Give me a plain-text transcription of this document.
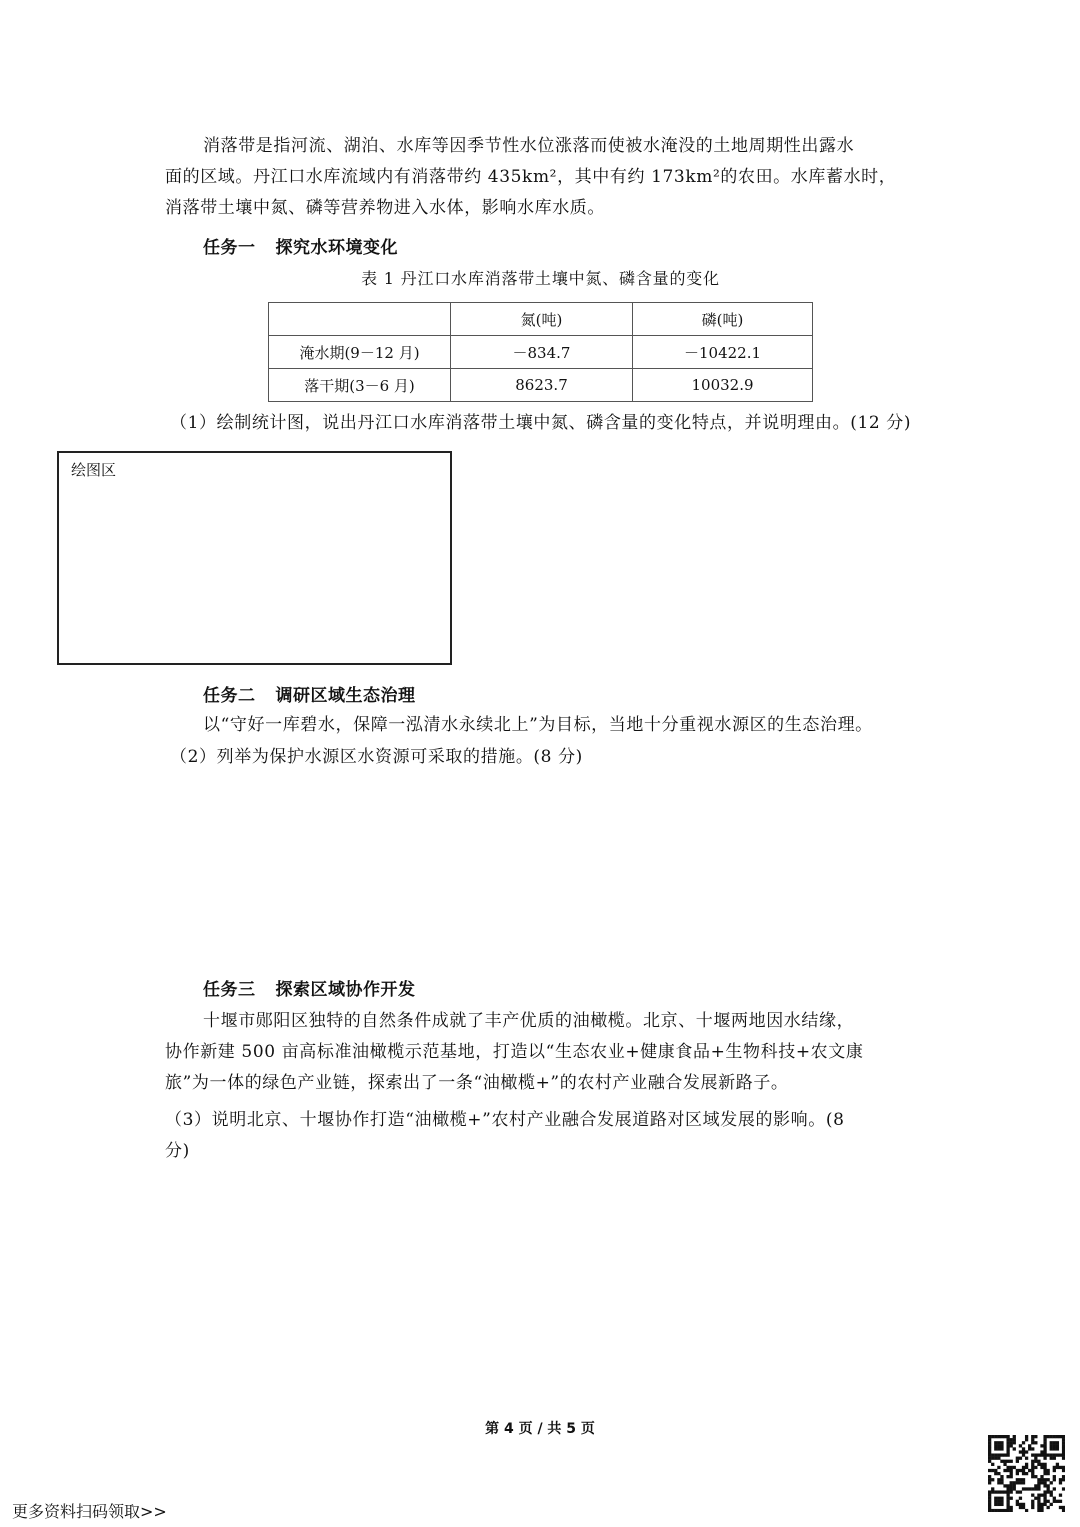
消落带是指河流、湖泊、水库等因季节性水位涨落而使被水淹没的土地周期性出露水
面的区域。丹江口水库流域内有消落带约 435km²，其中有约 173km²的农田。水库蓄水时，
消落带土壤中氮、磷等营养物进入水体，影响水库水质。
任务一 探究水环境变化
表 1 丹江口水库消落带土壤中氮、磷含量的变化
	氮(吨)	磷(吨)
淹水期(9－12 月)	－834.7	－10422.1
落干期(3－6 月)	8623.7	10032.9
（1）绘制统计图，说出丹江口水库消落带土壤中氮、磷含量的变化特点，并说明理由。(12 分)
绘图区
任务二 调研区域生态治理
以“守好一库碧水，保障一泓清水永续北上”为目标，当地十分重视水源区的生态治理。
（2）列举为保护水源区水资源可采取的措施。(8 分)
任务三 探索区域协作开发
十堰市郧阳区独特的自然条件成就了丰产优质的油橄榄。北京、十堰两地因水结缘，
协作新建 500 亩高标准油橄榄示范基地，打造以“生态农业+健康食品+生物科技+农文康
旅”为一体的绿色产业链，探索出了一条“油橄榄+”的农村产业融合发展新路子。
（3）说明北京、十堰协作打造“油橄榄+”农村产业融合发展道路对区域发展的影响。(8
分)
第 4 页 / 共 5 页
更多资料扫码领取>>
